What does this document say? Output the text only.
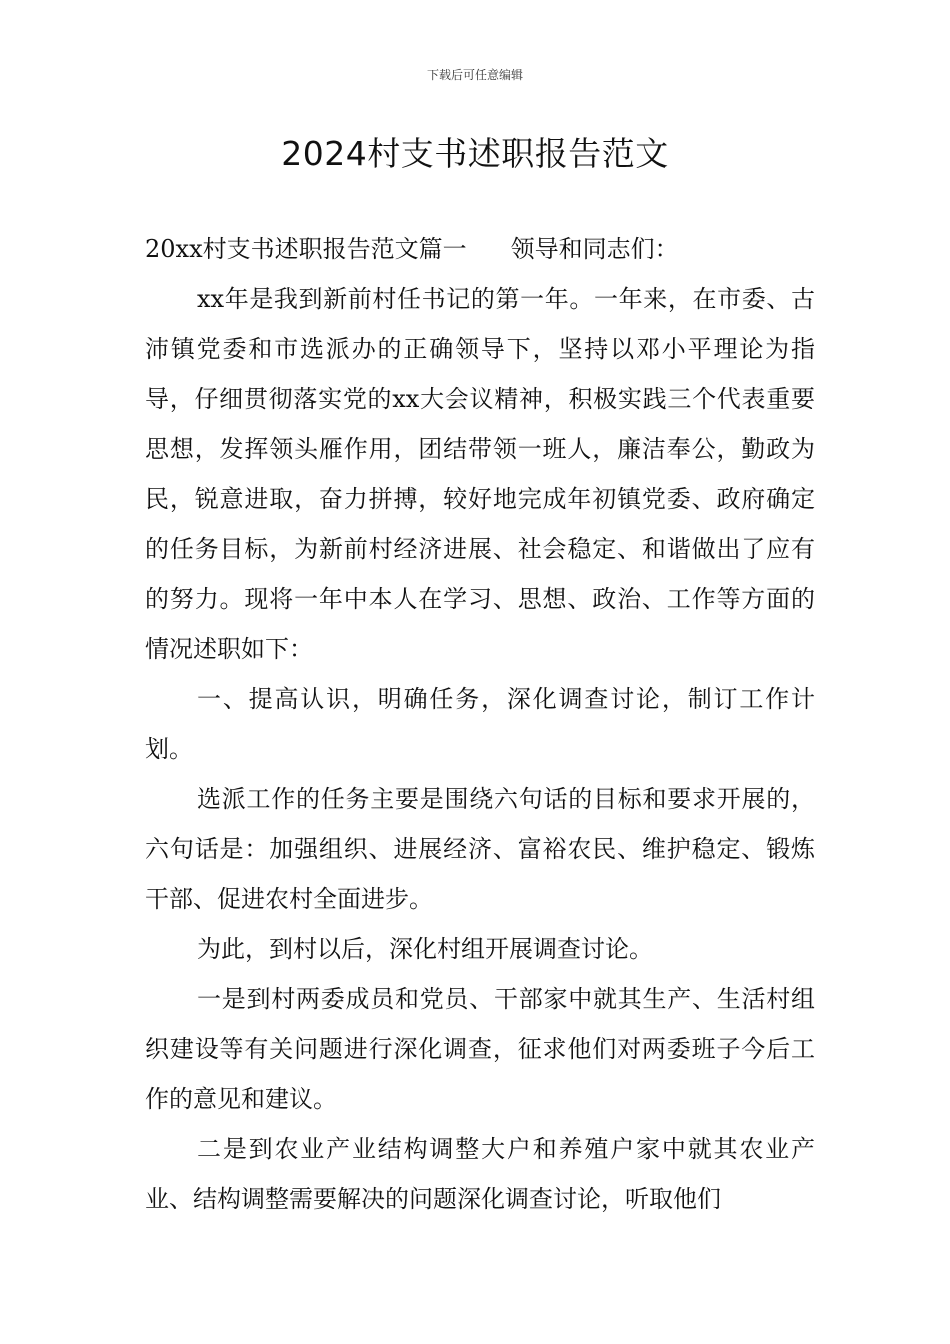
下载后可任意编辑
2024村支书述职报告范文

20xx村支书述职报告范文篇一 领导和同志们：

xx年是我到新前村任书记的第一年。一年来，在市委、古沛镇党委和市选派办的正确领导下，坚持以邓小平理论为指导，仔细贯彻落实党的xx大会议精神，积极实践三个代表重要思想，发挥领头雁作用，团结带领一班人，廉洁奉公，勤政为民，锐意进取，奋力拼搏，较好地完成年初镇党委、政府确定的任务目标，为新前村经济进展、社会稳定、和谐做出了应有的努力。现将一年中本人在学习、思想、政治、工作等方面的情况述职如下：

一、提高认识，明确任务，深化调查讨论，制订工作计划。

选派工作的任务主要是围绕六句话的目标和要求开展的，六句话是：加强组织、进展经济、富裕农民、维护稳定、锻炼干部、促进农村全面进步。

为此，到村以后，深化村组开展调查讨论。

一是到村两委成员和党员、干部家中就其生产、生活村组织建设等有关问题进行深化调查，征求他们对两委班子今后工作的意见和建议。

二是到农业产业结构调整大户和养殖户家中就其农业产业、结构调整需要解决的问题深化调查讨论，听取他们
